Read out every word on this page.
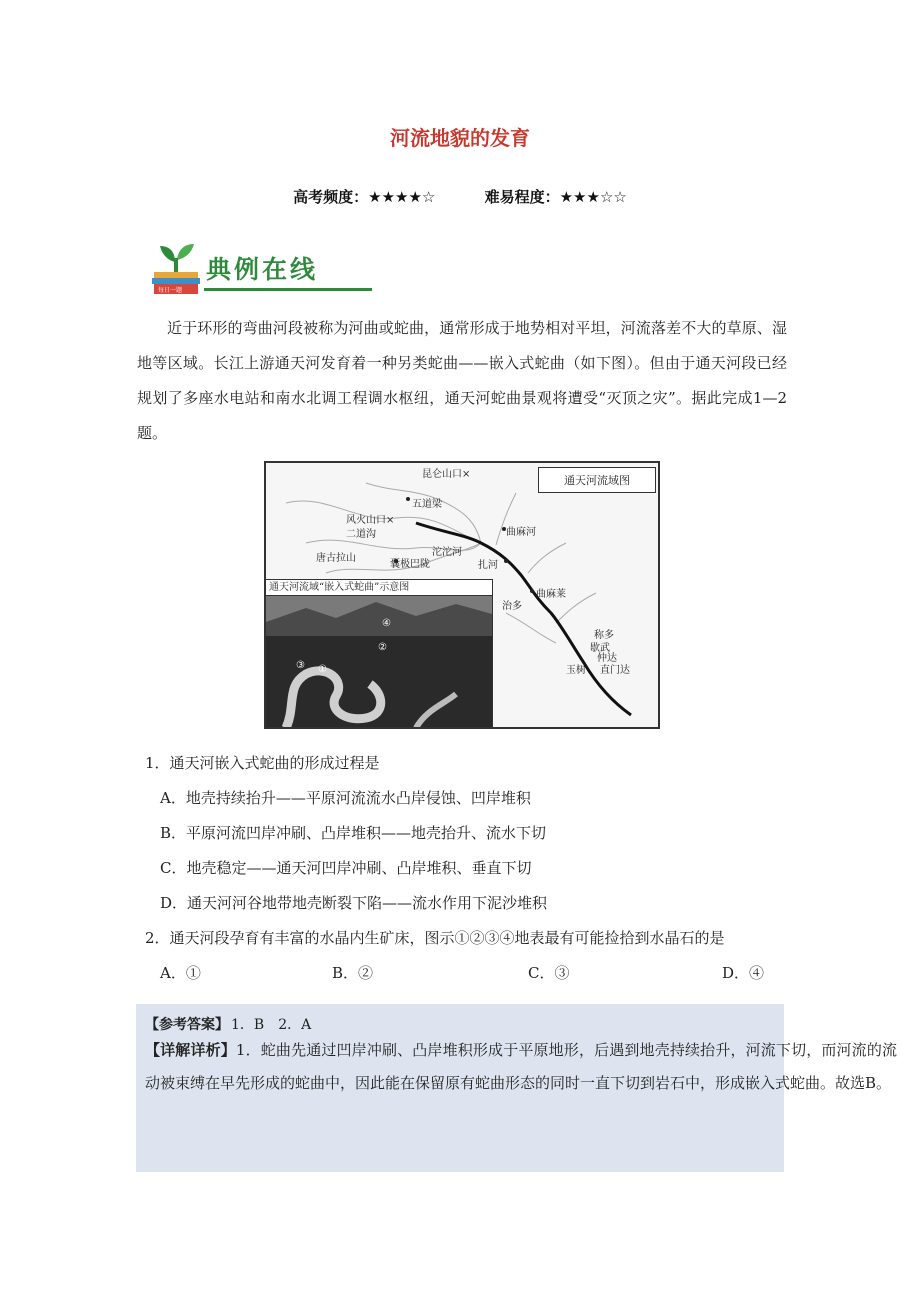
河流地貌的发育
高考频度：★★★★☆	难易程度：★★★☆☆
每日一题
典例在线
近于环形的弯曲河段被称为河曲或蛇曲，通常形成于地势相对平坦，河流落差不大的草原、湿地等区域。长江上游通天河发育着一种另类蛇曲——嵌入式蛇曲（如下图）。但由于通天河段已经规划了多座水电站和南水北调工程调水枢纽，通天河蛇曲景观将遭受“灭顶之灾”。据此完成1—2题。
通天河流域图
昆仑山口×
五道梁
风火山口×
二道沟
唐古拉山
沱沱河
囊极巴陇
曲麻河
扎河
曲麻莱
治多
称多
歇武
仲达
直门达
玉树
通天河流域“嵌入式蛇曲”示意图
④
②
③ ①
1．通天河嵌入式蛇曲的形成过程是
A．地壳持续抬升——平原河流流水凸岸侵蚀、凹岸堆积
B．平原河流凹岸冲刷、凸岸堆积——地壳抬升、流水下切
C．地壳稳定——通天河凹岸冲刷、凸岸堆积、垂直下切
D．通天河河谷地带地壳断裂下陷——流水作用下泥沙堆积
2．通天河段孕育有丰富的水晶内生矿床，图示①②③④地表最有可能捡拾到水晶石的是
A．①	B．②	C．③	D．④
【参考答案】 1．B　2．A
【详解详析】1．蛇曲先通过凹岸冲刷、凸岸堆积形成于平原地形，后遇到地壳持续抬升，河流下切，而河流的流动被束缚在早先形成的蛇曲中，因此能在保留原有蛇曲形态的同时一直下切到岩石中，形成嵌入式蛇曲。故选B。
